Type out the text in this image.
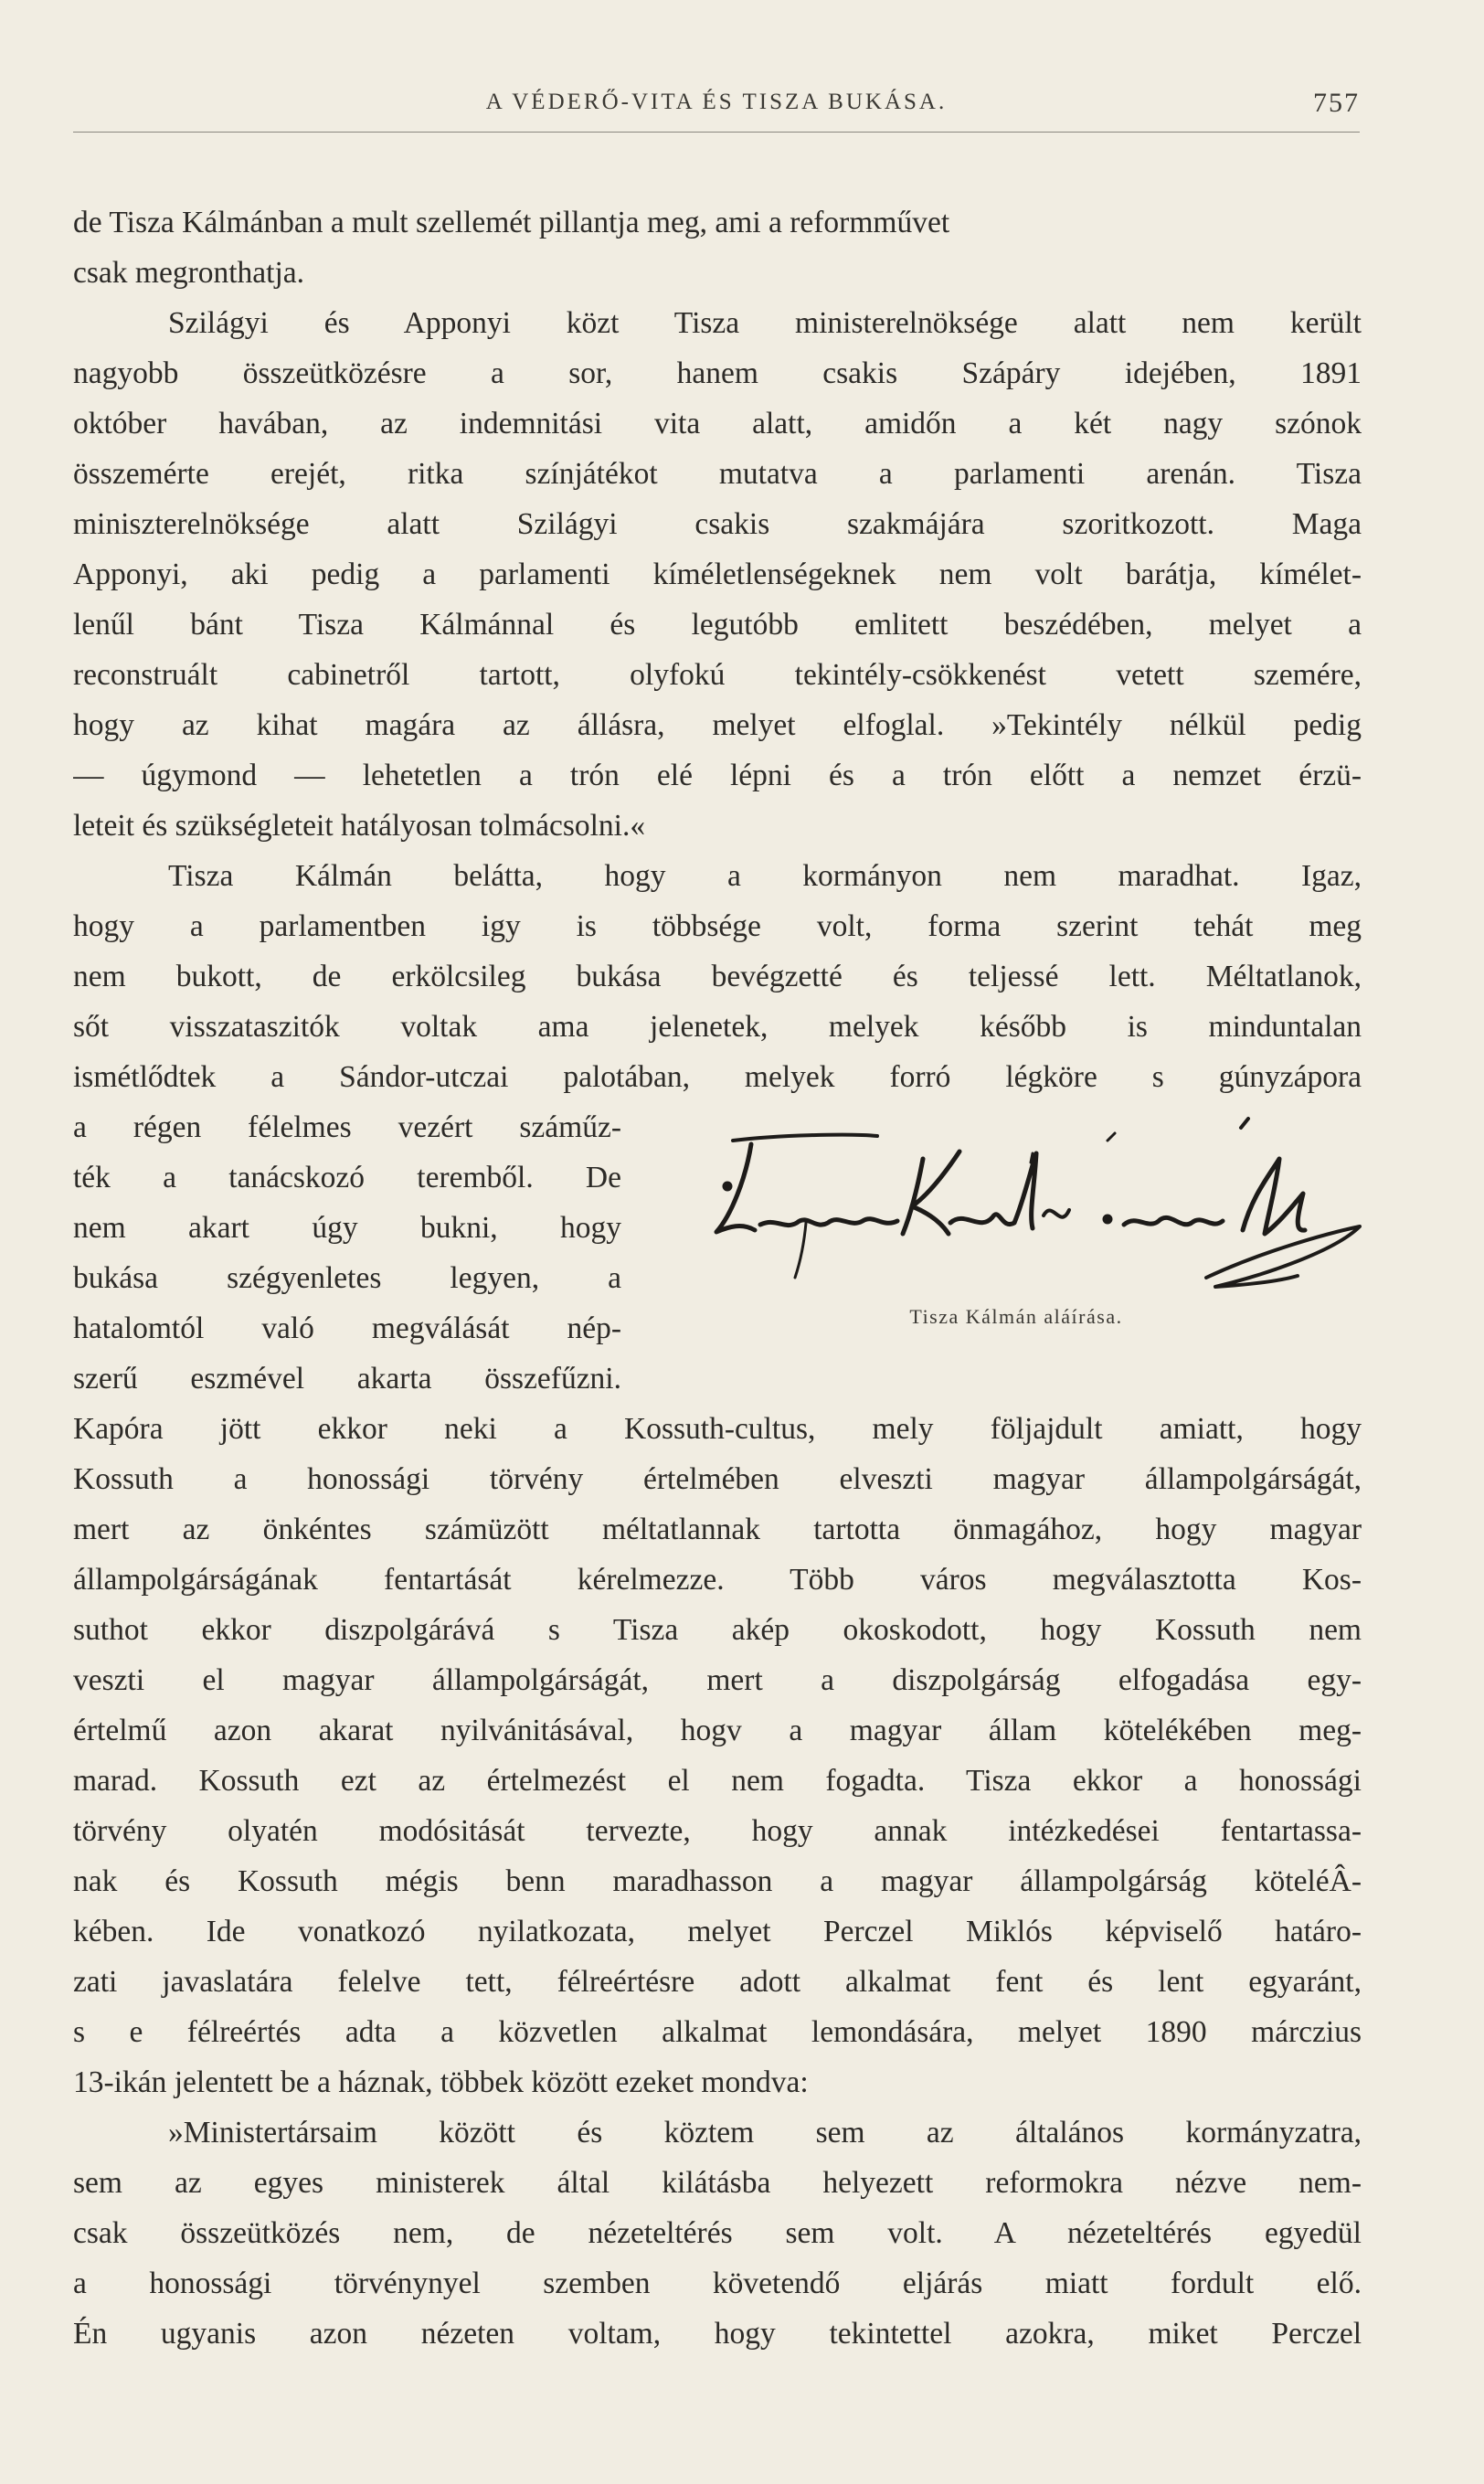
A VÉDERŐ-VITA ÉS TISZA BUKÁSA.	757
de Tisza Kálmánban a mult szellemét pillantja meg, ami a reformművet
csak megronthatja.
Szilágyi és Apponyi közt Tisza ministerelnöksége alatt nem került
nagyobb összeütközésre a sor, hanem csakis Szápáry idejében, 1891
október havában, az indemnitási vita alatt, amidőn a két nagy szónok
összemérte erejét, ritka színjátékot mutatva a parlamenti arenán. Tisza
miniszterelnöksége alatt Szilágyi csakis szakmájára szoritkozott. Maga
Apponyi, aki pedig a parlamenti kíméletlenségeknek nem volt barátja, kímélet-
lenűl bánt Tisza Kálmánnal és legutóbb emlitett beszédében, melyet a
reconstruált cabinetről tartott, olyfokú tekintély-csökkenést vetett szemére,
hogy az kihat magára az állásra, melyet elfoglal. »Tekintély nélkül pedig
— úgymond — lehetetlen a trón elé lépni és a trón előtt a nemzet érzü-
leteit és szükségleteit hatályosan tolmácsolni.«
Tisza Kálmán belátta, hogy a kormányon nem maradhat. Igaz,
hogy a parlamentben igy is többsége volt, forma szerint tehát meg
nem bukott, de erkölcsileg bukása bevégzetté és teljessé lett. Méltatlanok,
sőt visszataszitók voltak ama jelenetek, melyek később is minduntalan
ismétlődtek a Sándor-utczai palotában, melyek forró légköre s gúnyzápora
a régen félelmes vezért száműz-
ték a tanácskozó teremből. De
nem akart úgy bukni, hogy
bukása szégyenletes legyen, a
hatalomtól való megválását nép-
szerű eszmével akarta összefűzni.
Kapóra jött ekkor neki a Kossuth-cultus, mely följajdult amiatt, hogy
Kossuth a honossági törvény értelmében elveszti magyar állampolgárságát,
mert az önkéntes számüzött méltatlannak tartotta önmagához, hogy magyar
állampolgárságának fentartását kérelmezze. Több város megválasztotta Kos-
suthot ekkor diszpolgárává s Tisza akép okoskodott, hogy Kossuth nem
veszti el magyar állampolgárságát, mert a diszpolgárság elfogadása egy-
értelmű azon akarat nyilvánitásával, hogv a magyar állam kötelékében meg-
marad. Kossuth ezt az értelmezést el nem fogadta. Tisza ekkor a honossági
törvény olyatén modósitását tervezte, hogy annak intézkedései fentartassa-
nak és Kossuth mégis benn maradhasson a magyar állampolgárság köteléÂ-
kében. Ide vonatkozó nyilatkozata, melyet Perczel Miklós képviselő határo-
zati javaslatára felelve tett, félreértésre adott alkalmat fent és lent egyaránt,
s e félreértés adta a közvetlen alkalmat lemondására, melyet 1890 márczius
13-ikán jelentett be a háznak, többek között ezeket mondva:
»Ministertársaim között és köztem sem az általános kormányzatra,
sem az egyes ministerek által kilátásba helyezett reformokra nézve nem-
csak összeütközés nem, de nézeteltérés sem volt. A nézeteltérés egyedül
a honossági törvénynyel szemben követendő eljárás miatt fordult elő.
Én ugyanis azon nézeten voltam, hogy tekintettel azokra, miket Perczel
Tisza Kálmán aláírása.
